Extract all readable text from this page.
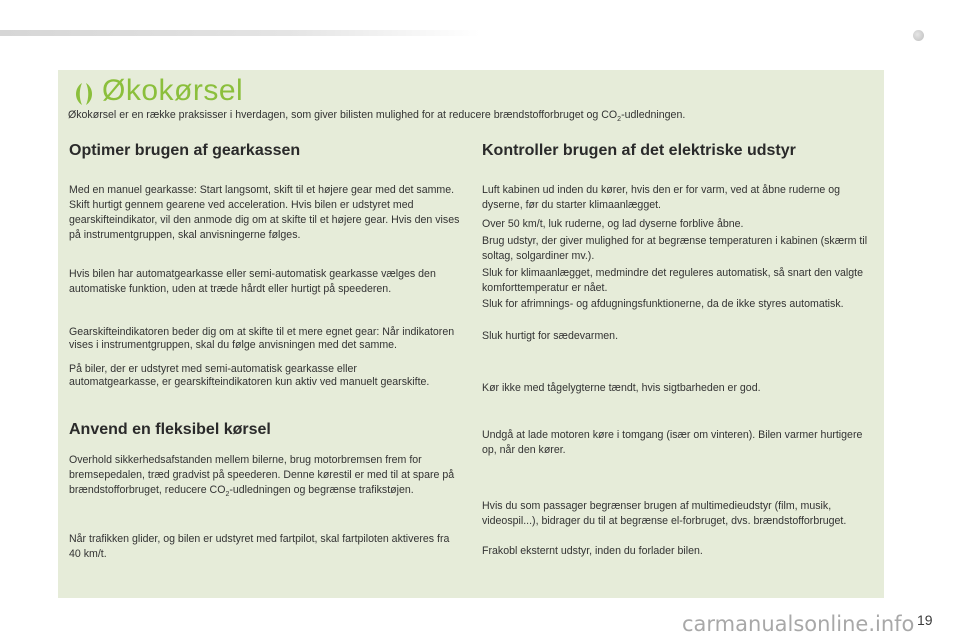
Økokørsel

Økokørsel er en række praksisser i hverdagen, som giver bilisten mulighed for at reducere brændstofforbruget og $CO_2$-udledningen.

Optimer brugen af gearkassen

Med en manuel gearkasse: Start langsomt, skift til et højere gear med det samme. Skift hurtigt gennem gearene ved acceleration. Hvis bilen er udstyret med gearskifteindikator, vil den anmode dig om at skifte til et højere gear. Hvis den vises på instrumentgruppen, skal anvisningerne følges.

Hvis bilen har automatgearkasse eller semi-automatisk gearkasse vælges den automatiske funktion, uden at træde hårdt eller hurtigt på speederen.

Gearskifteindikatoren beder dig om at skifte til et mere egnet gear: Når indikatoren vises i instrumentgruppen, skal du følge anvisningen med det samme.

På biler, der er udstyret med semi-automatisk gearkasse eller automatgearkasse, er gearskifteindikatoren kun aktiv ved manuelt gearskifte.

Anvend en fleksibel kørsel

Overhold sikkerhedsafstanden mellem bilerne, brug motorbremsen frem for bremsepedalen, træd gradvist på speederen. Denne kørestil er med til at spare på brændstofforbruget, reducere $CO_2$-udledningen og begrænse trafikstøjen.

Når trafikken glider, og bilen er udstyret med fartpilot, skal fartpiloten aktiveres fra 40 km/t.

Kontroller brugen af det elektriske udstyr

Luft kabinen ud inden du kører, hvis den er for varm, ved at åbne ruderne og dyserne, før du starter klimaanlægget.

Over 50 km/t, luk ruderne, og lad dyserne forblive åbne.

Brug udstyr, der giver mulighed for at begrænse temperaturen i kabinen (skærm til soltag, solgardiner mv.).

Sluk for klimaanlægget, medmindre det reguleres automatisk, så snart den valgte komforttemperatur er nået.

Sluk for afrimnings- og afdugningsfunktionerne, da de ikke styres automatisk.

Sluk hurtigt for sædevarmen.

Kør ikke med tågelygterne tændt, hvis sigtbarheden er god.

Undgå at lade motoren køre i tomgang (især om vinteren). Bilen varmer hurtigere op, når den kører.

Hvis du som passager begrænser brugen af multimedieudstyr (film, musik, videospil...), bidrager du til at begrænse el-forbruget, dvs. brændstofforbruget.

Frakobl eksternt udstyr, inden du forlader bilen.

carmanualsonline.info 19
